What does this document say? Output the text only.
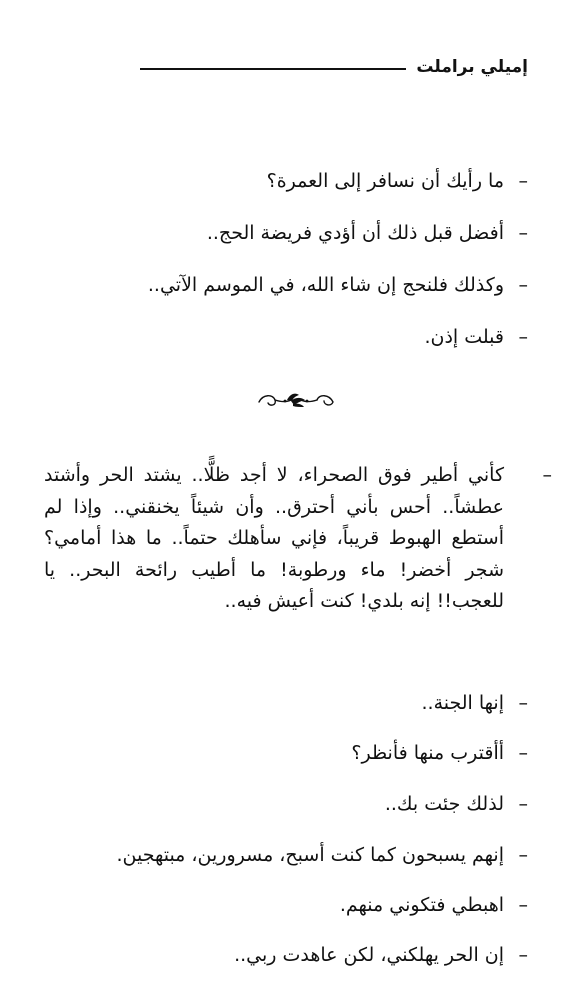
إميلي براملت
–ما رأيك أن نسافر إلى العمرة؟
–أفضل قبل ذلك أن أؤدي فريضة الحج..
–وكذلك فلنحج إن شاء الله، في الموسم الآتي..
–قبلت إذن.
–كأني أطير فوق الصحراء، لا أجد ظلًّا.. يشتد الحر وأشتد عطشاً.. أحس بأني أحترق.. وأن شيئاً يخنقني.. وإذا لم أستطع الهبوط قريباً، فإني سأهلك حتماً.. ما هذا أمامي؟ شجر أخضر! ماء ورطوبة! ما أطيب رائحة البحر.. يا للعجب!! إنه بلدي! كنت أعيش فيه..
–إنها الجنة..
–أأقترب منها فأنظر؟
–لذلك جئت بك..
–إنهم يسبحون كما كنت أسبح، مسرورين، مبتهجين.
–اهبطي فتكوني منهم.
–إن الحر يهلكني، لكن عاهدت ربي..
